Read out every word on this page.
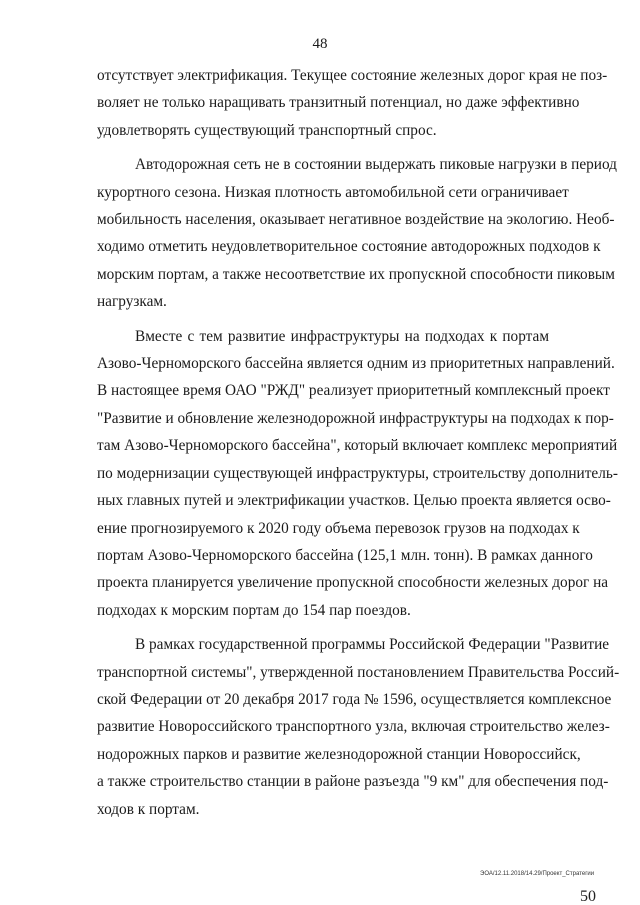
48
отсутствует электрификация. Текущее состояние железных дорог края не поз-
воляет не только наращивать транзитный потенциал, но даже эффективно
удовлетворять существующий транспортный спрос.
Автодорожная сеть не в состоянии выдержать пиковые нагрузки в период
курортного сезона. Низкая плотность автомобильной сети ограничивает
мобильность населения, оказывает негативное воздействие на экологию. Необ-
ходимо отметить неудовлетворительное состояние автодорожных подходов к
морским портам, а также несоответствие их пропускной способности пиковым
нагрузкам.
Вместе с тем развитие инфраструктуры на подходах к портам
Азово-Черноморского бассейна является одним из приоритетных направлений.
В настоящее время ОАО "РЖД" реализует приоритетный комплексный проект
"Развитие и обновление железнодорожной инфраструктуры на подходах к пор-
там Азово-Черноморского бассейна", который включает комплекс мероприятий
по модернизации существующей инфраструктуры, строительству дополнитель-
ных главных путей и электрификации участков. Целью проекта является осво-
ение прогнозируемого к 2020 году объема перевозок грузов на подходах к
портам Азово-Черноморского бассейна (125,1 млн. тонн). В рамках данного
проекта планируется увеличение пропускной способности железных дорог на
подходах к морским портам до 154 пар поездов.
В рамках государственной программы Российской Федерации "Развитие
транспортной системы", утвержденной постановлением Правительства Россий-
ской Федерации от 20 декабря 2017 года № 1596, осуществляется комплексное
развитие Новороссийского транспортного узла, включая строительство желез-
нодорожных парков и развитие железнодорожной станции Новороссийск,
а также строительство станции в районе разъезда "9 км" для обеспечения под-
ходов к портам.
ЭОА/12.11.2018/14.29/Проект_Стратегии
50
